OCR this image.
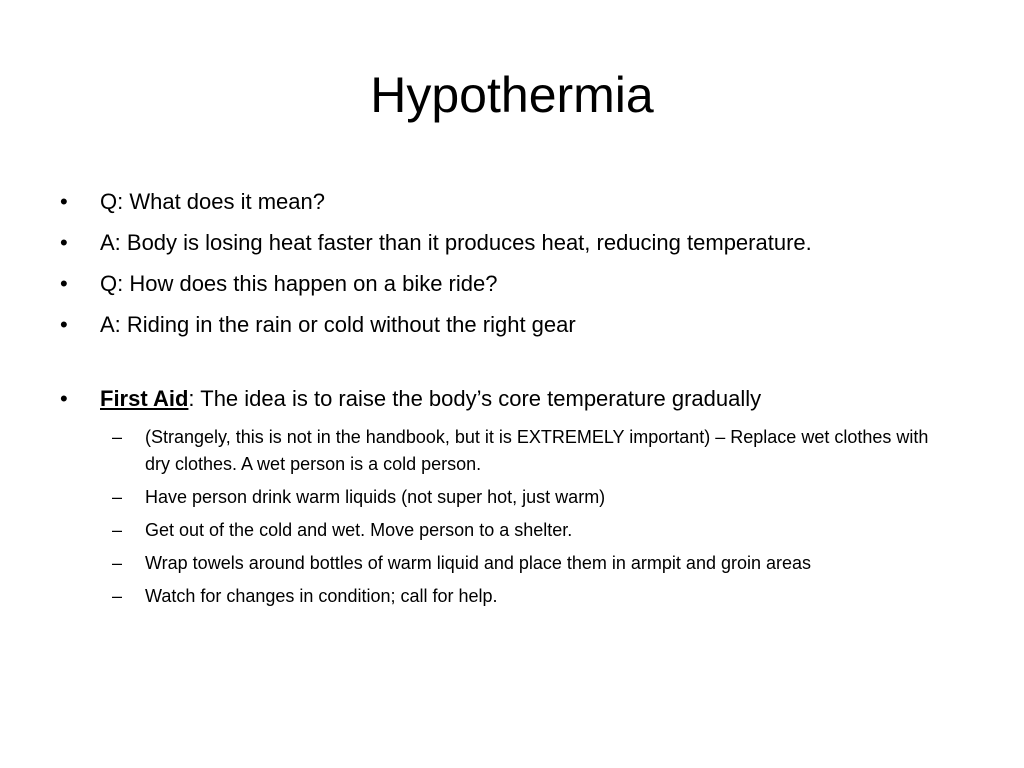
Hypothermia
•	Q: What does it mean?
•	A: Body is losing heat faster than it produces heat, reducing temperature.
•	Q: How does this happen on a bike ride?
•	A: Riding in the rain or cold without the right gear
•	First Aid: The idea is to raise the body’s core temperature gradually
– (Strangely, this is not in the handbook, but it is EXTREMELY important) – Replace wet clothes with dry clothes. A wet person is a cold person.
– Have person drink warm liquids (not super hot, just warm)
– Get out of the cold and wet. Move person to a shelter.
– Wrap towels around bottles of warm liquid and place them in armpit and groin areas
– Watch for changes in condition; call for help.
